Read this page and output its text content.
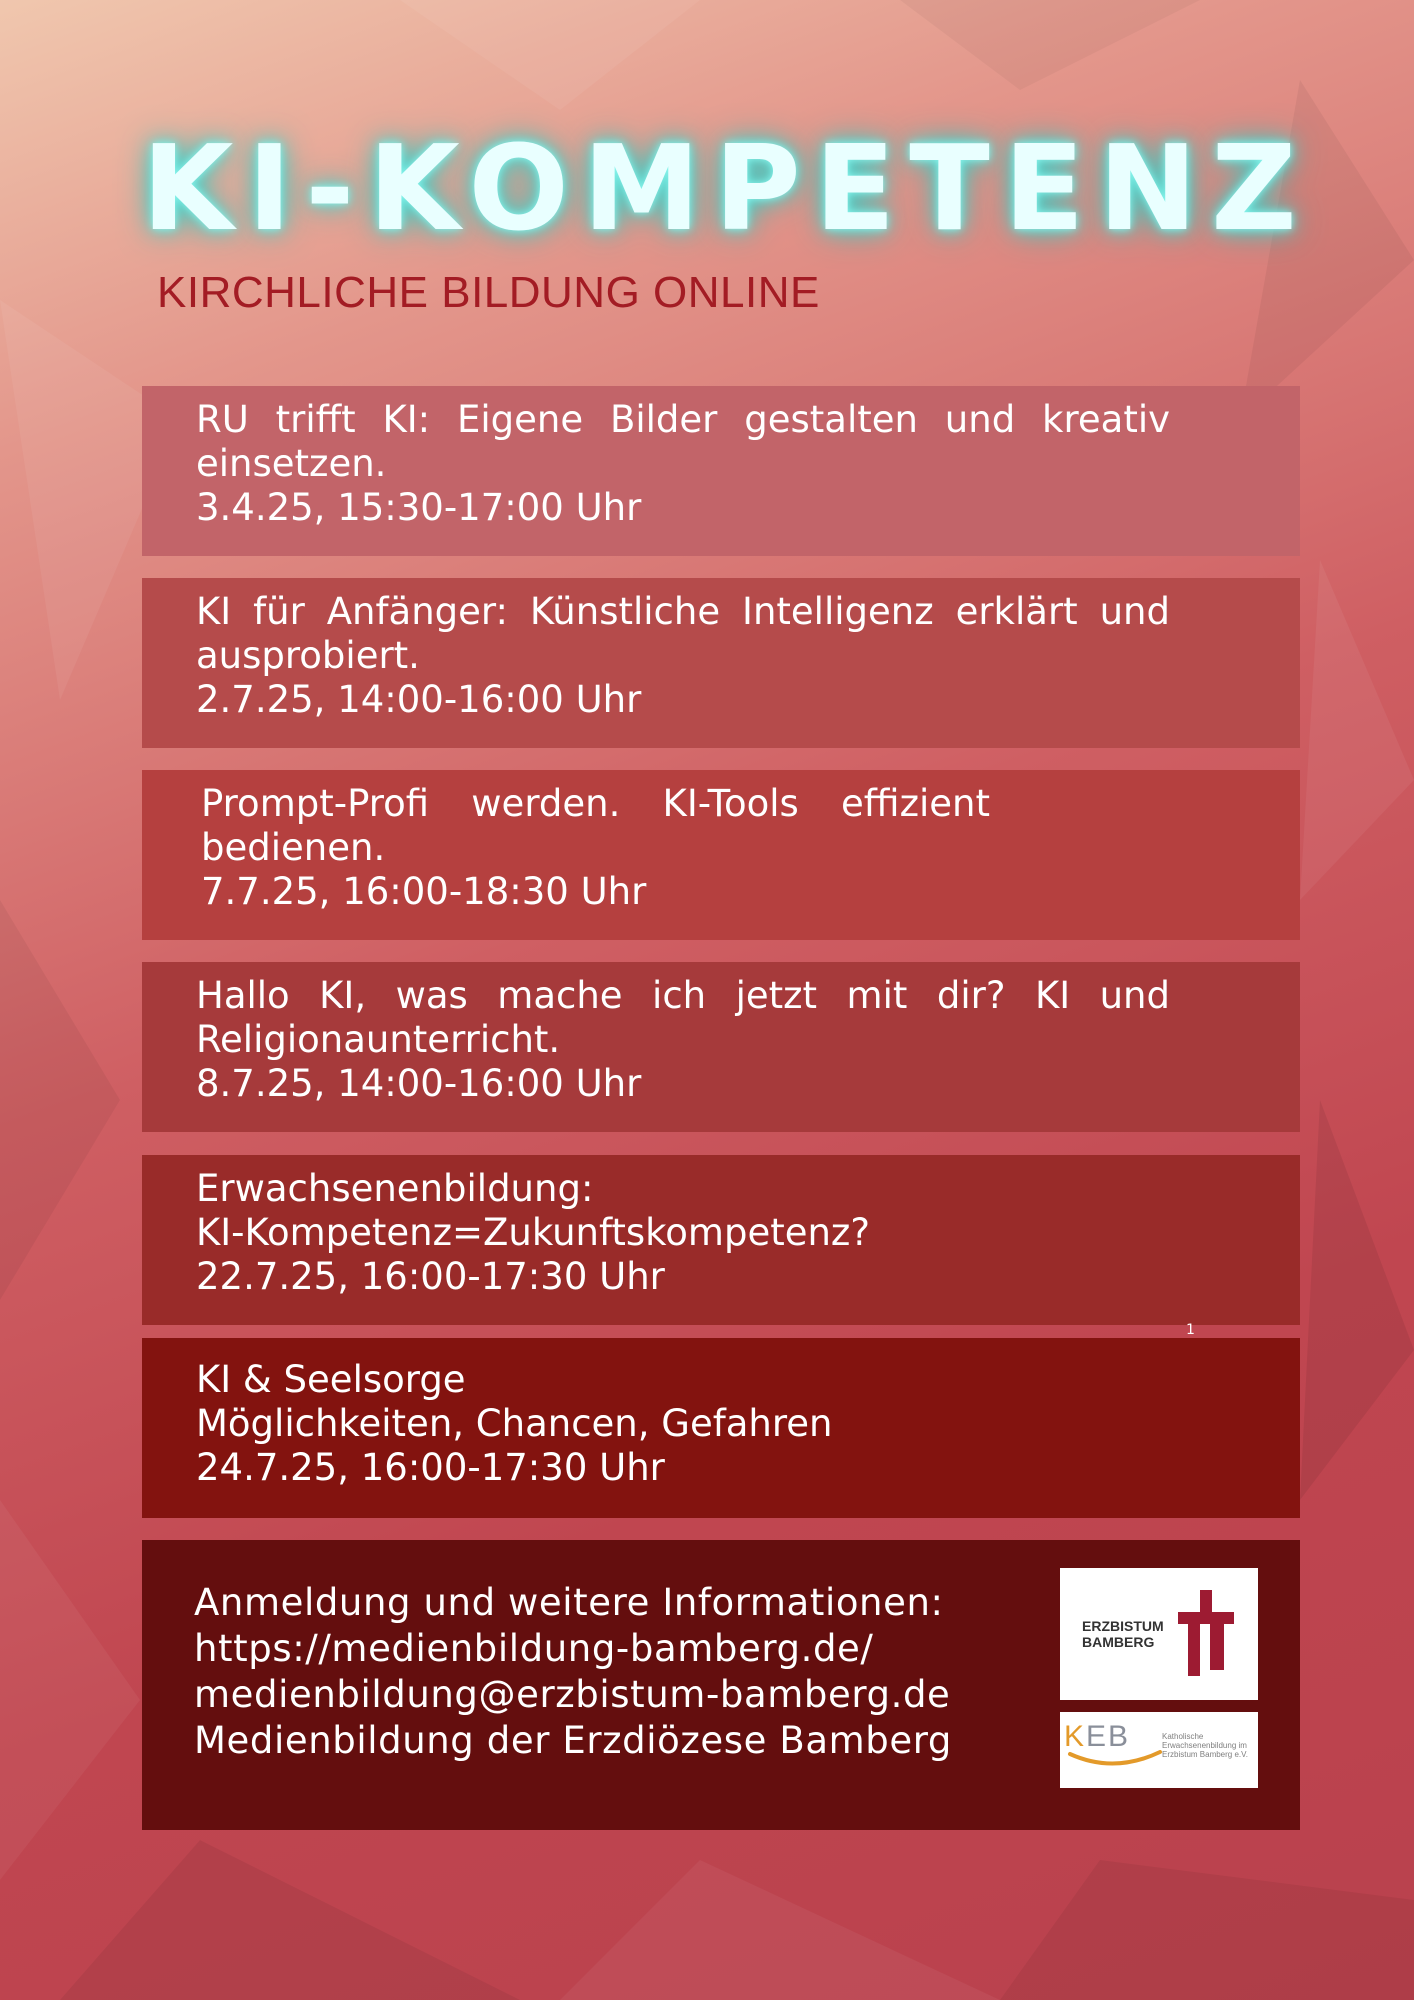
KI-KOMPETENZ

KIRCHLICHE BILDUNG ONLINE

RU trifft KI: Eigene Bilder gestalten und kreativ einsetzen.
3.4.25, 15:30-17:00 Uhr
KI für Anfänger: Künstliche Intelligenz erklärt und ausprobiert.
2.7.25, 14:00-16:00 Uhr
Prompt-Profi werden. KI-Tools effizient bedienen.
7.7.25, 16:00-18:30 Uhr
Hallo KI, was mache ich jetzt mit dir? KI und Religionaunterricht.
8.7.25, 14:00-16:00 Uhr
Erwachsenenbildung:
KI-Kompetenz=Zukunftskompetenz?
22.7.25, 16:00-17:30 Uhr
1
KI & Seelsorge
Möglichkeiten, Chancen, Gefahren
24.7.25, 16:00-17:30 Uhr
Anmeldung und weitere Informationen:
https://medienbildung-bamberg.de/
medienbildung@erzbistum-bamberg.de
Medienbildung der Erzdiözese Bamberg
ERZBISTUM
BAMBERG
KEB	Katholische Erwachsenenbildung im Erzbistum Bamberg e.V.
